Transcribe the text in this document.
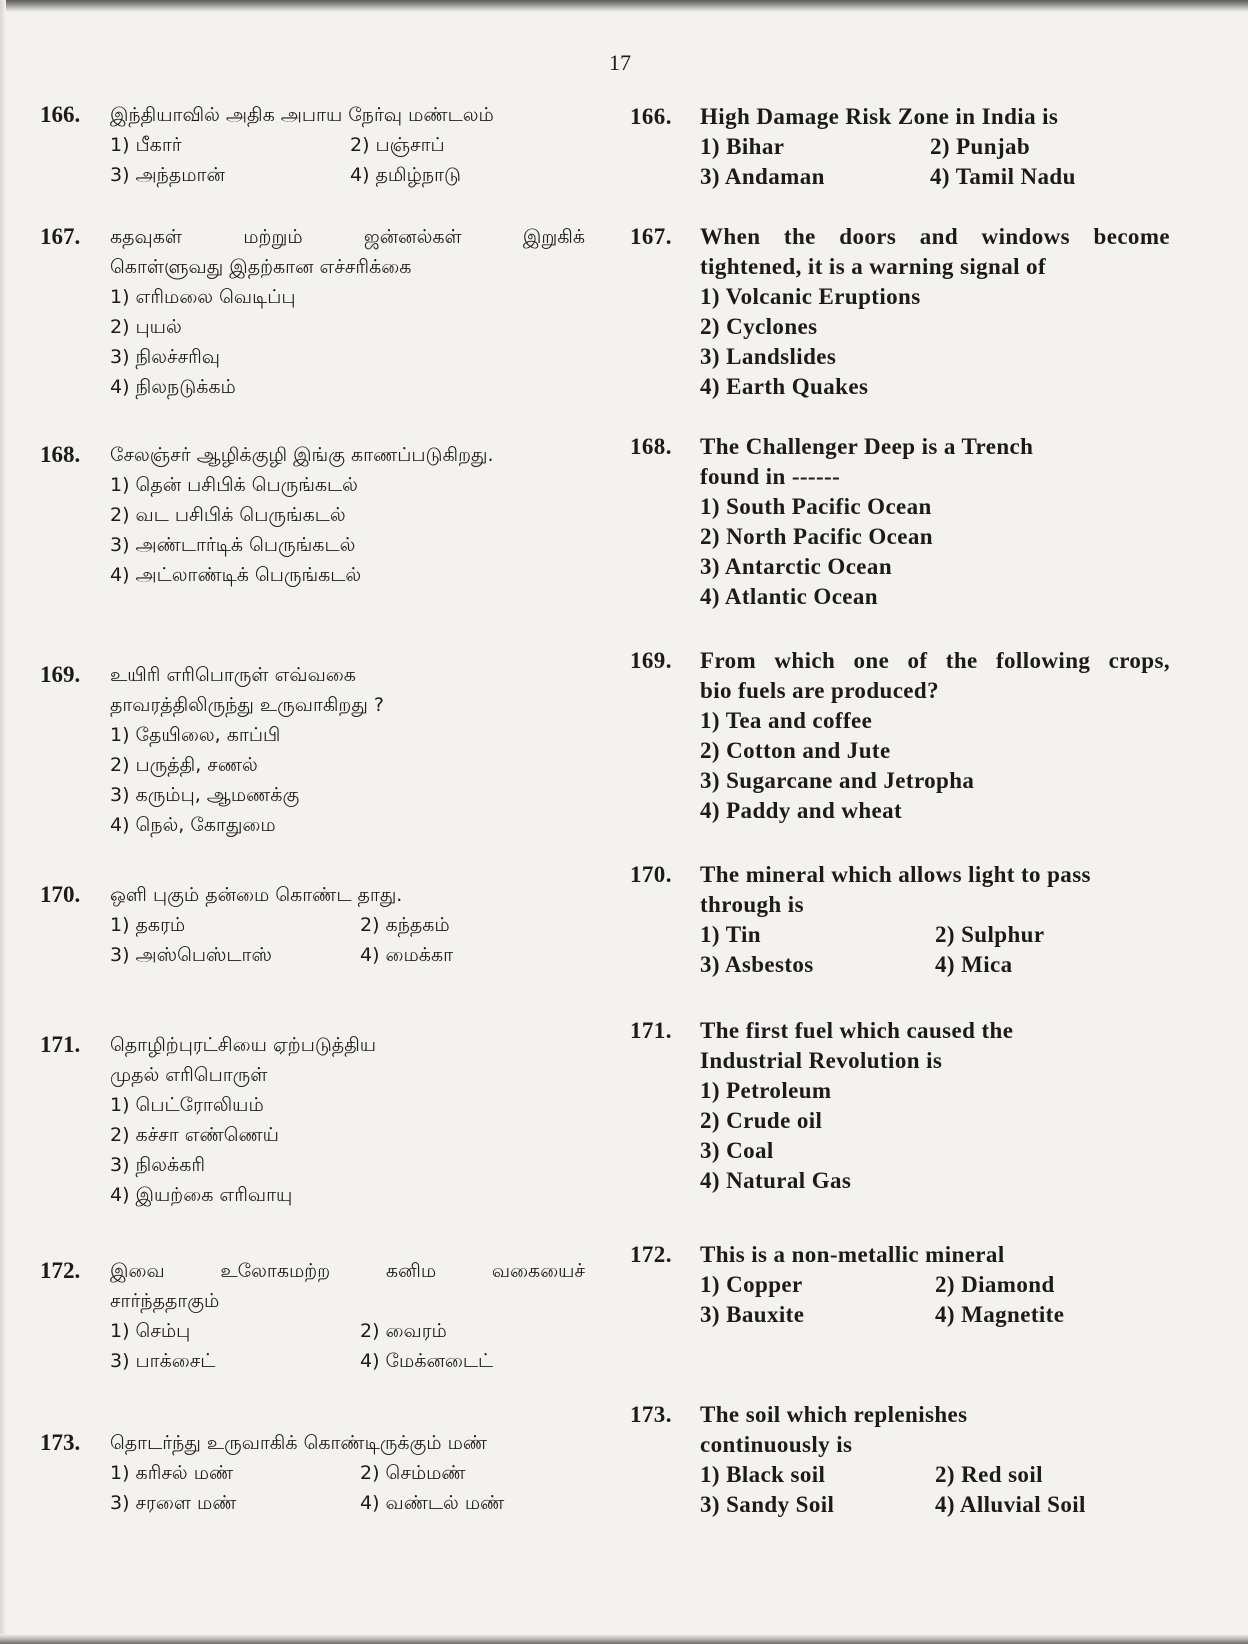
17
166. இந்தியாவில் அதிக அபாய நேர்வு மண்டலம்
1) பீகார்	2) பஞ்சாப்
3) அந்தமான்	4) தமிழ்நாடு
167. கதவுகள் மற்றும் ஜன்னல்கள் இறுகிக்
கொள்ளுவது இதற்கான எச்சரிக்கை
1) எரிமலை வெடிப்பு
2) புயல்
3) நிலச்சரிவு
4) நிலநடுக்கம்
168. சேலஞ்சர் ஆழிக்குழி இங்கு காணப்படுகிறது.
1) தென் பசிபிக் பெருங்கடல்
2) வட பசிபிக் பெருங்கடல்
3) அண்டார்டிக் பெருங்கடல்
4) அட்லாண்டிக் பெருங்கடல்
169. உயிரி எரிபொருள் எவ்வகை
தாவரத்திலிருந்து உருவாகிறது ?
1) தேயிலை, காப்பி
2) பருத்தி, சணல்
3) கரும்பு, ஆமணக்கு
4) நெல், கோதுமை
170. ஒளி புகும் தன்மை கொண்ட தாது.
1) தகரம்	2) கந்தகம்
3) அஸ்பெஸ்டாஸ்	4) மைக்கா
171. தொழிற்புரட்சியை ஏற்படுத்திய
முதல் எரிபொருள்
1) பெட்ரோலியம்
2) கச்சா எண்ணெய்
3) நிலக்கரி
4) இயற்கை எரிவாயு
172. இவை உலோகமற்ற கனிம வகையைச்
சார்ந்ததாகும்
1) செம்பு	2) வைரம்
3) பாக்சைட்	4) மேக்னடைட்
173. தொடர்ந்து உருவாகிக் கொண்டிருக்கும் மண்
1) கரிசல் மண்	2) செம்மண்
3) சரளை மண்	4) வண்டல் மண்
166. High Damage Risk Zone in India is
1) Bihar	2) Punjab
3) Andaman	4) Tamil Nadu
167. When the doors and windows become
tightened, it is a warning signal of
1) Volcanic Eruptions
2) Cyclones
3) Landslides
4) Earth Quakes
168. The Challenger Deep is a Trench
found in ------
1) South Pacific Ocean
2) North Pacific Ocean
3) Antarctic Ocean
4) Atlantic Ocean
169. From which one of the following crops,
bio fuels are produced?
1) Tea and coffee
2) Cotton and Jute
3) Sugarcane and Jetropha
4) Paddy and wheat
170. The mineral which allows light to pass
through is
1) Tin	2) Sulphur
3) Asbestos	4) Mica
171. The first fuel which caused the
Industrial Revolution is
1) Petroleum
2) Crude oil
3) Coal
4) Natural Gas
172. This is a non-metallic mineral
1) Copper	2) Diamond
3) Bauxite	4) Magnetite
173. The soil which replenishes
continuously is
1) Black soil	2) Red soil
3) Sandy Soil	4) Alluvial Soil
